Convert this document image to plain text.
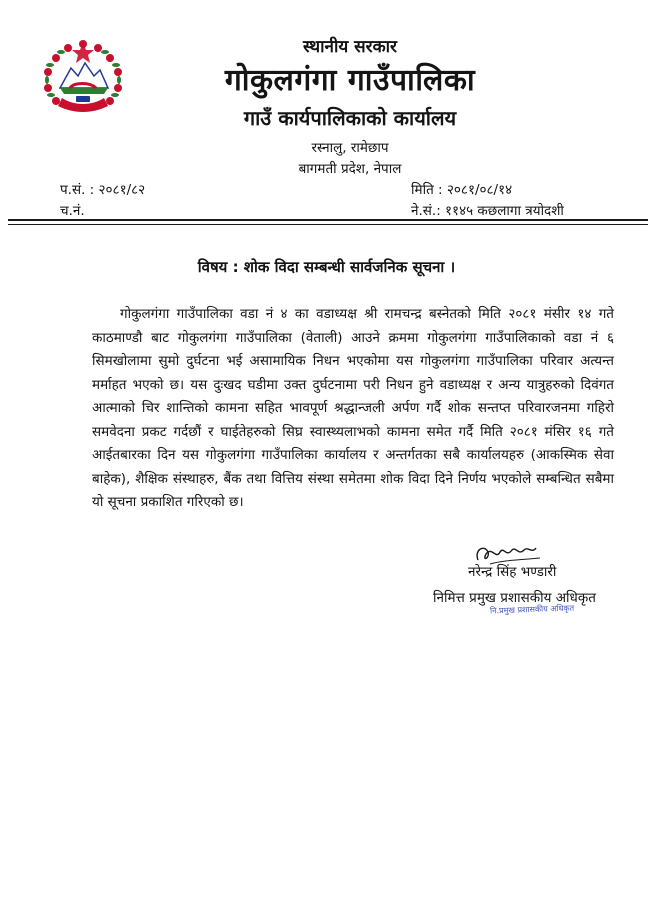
स्थानीय सरकार
गोकुलगंगा गाउँपालिका
गाउँ कार्यपालिकाको कार्यालय
रस्नालु, रामेछाप
बागमती प्रदेश, नेपाल
प.सं. : २०८१/८२
च.नं.
मिति : २०८१/०८/१४
ने.सं.: ११४५ कछलागा त्रयोदशी
विषय : शोक विदा सम्बन्धी सार्वजनिक सूचना ।
गोकुलगंगा गाउँपालिका वडा नं ४ का वडाध्यक्ष श्री रामचन्द्र बस्नेतको मिति २०८१ मंसीर १४ गते काठमाण्डौ बाट गोकुलगंगा गाउँपालिका (वेताली) आउने क्रममा गोकुलगंगा गाउँपालिकाको वडा नं ६ सिमखोलामा सुमो दुर्घटना भई असामायिक निधन भएकोमा यस गोकुलगंगा गाउँपालिका परिवार अत्यन्त मर्माहत भएको छ। यस दुःखद घडीमा उक्त दुर्घटनामा परी निधन हुने वडाध्यक्ष र अन्य यात्रुहरुको दिवंगत आत्माको चिर शान्तिको कामना सहित भावपूर्ण श्रद्धान्जली अर्पण गर्दै शोक सन्तप्त परिवारजनमा गहिरो समवेदना प्रकट गर्दछौं र घाईतेहरुको सिघ्र स्वास्थ्यलाभको कामना समेत गर्दै मिति २०८१ मंसिर १६ गते आईतबारका दिन यस गोकुलगंगा गाउँपालिका कार्यालय र अन्तर्गतका सबै कार्यालयहरु (आकस्मिक सेवा बाहेक), शैक्षिक संस्थाहरु, बैंक तथा वित्तिय संस्था समेतमा शोक विदा दिने निर्णय भएकोले सम्बन्धित सबैमा यो सूचना प्रकाशित गरिएको छ।
नरेन्द्र सिंह भण्डारी
निमित्त प्रमुख प्रशासकीय अधिकृत
नि.प्रमुख प्रशासकीय अधिकृत
